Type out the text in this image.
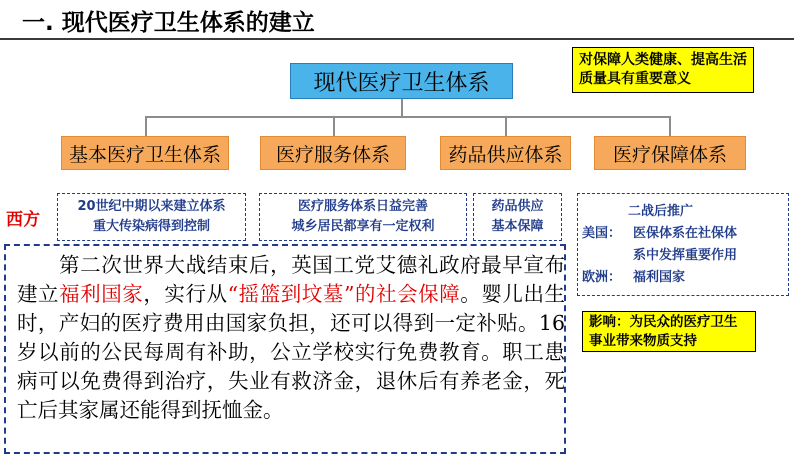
一. 现代医疗卫生体系的建立
现代医疗卫生体系
对保障人类健康、提高生活质量具有重要意义
基本医疗卫生体系	医疗服务体系	药品供应体系	医疗保障体系
西方
20世纪中期以来建立体系
重大传染病得到控制
医疗服务体系日益完善
城乡居民都享有一定权利
药品供应
基本保障
二战后推广
美国： 医保体系在社保体
系中发挥重要作用
欧洲： 福利国家
第二次世界大战结束后，英国工党艾德礼政府最早宣布建立福利国家，实行从“摇篮到坟墓”的社会保障。婴儿出生时，产妇的医疗费用由国家负担，还可以得到一定补贴。16岁以前的公民每周有补助，公立学校实行免费教育。职工患病可以免费得到治疗，失业有救济金，退休后有养老金，死亡后其家属还能得到抚恤金。
影响：为民众的医疗卫生事业带来物质支持
